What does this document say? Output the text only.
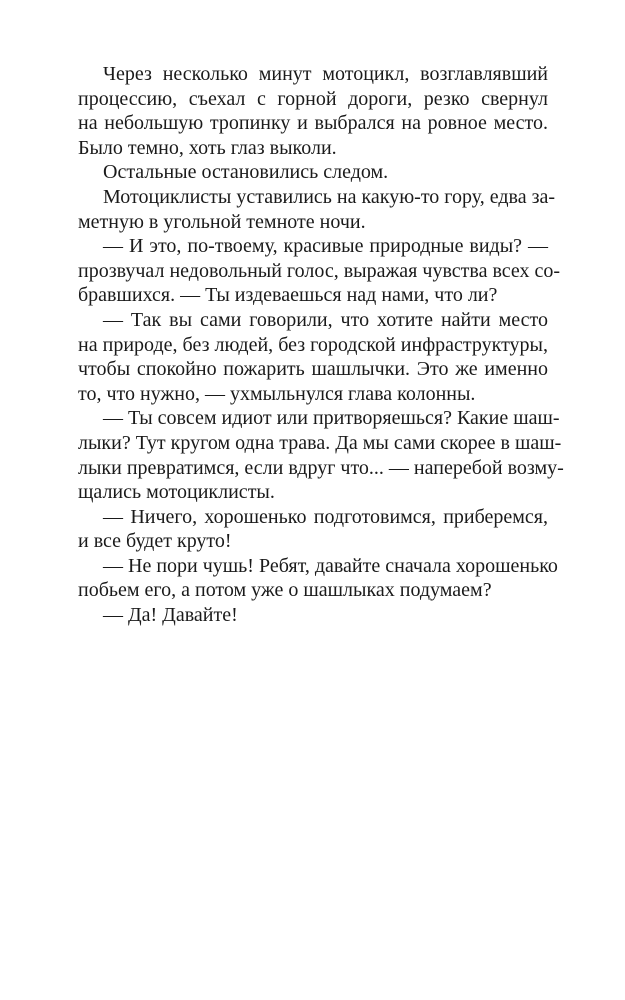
Через несколько минут мотоцикл, возглавлявший
процессию, съехал с горной дороги, резко свернул
на небольшую тропинку и выбрался на ровное место.
Было темно, хоть глаз выколи.

Остальные остановились следом.

Мотоциклисты уставились на какую-то гору, едва за-
метную в угольной темноте ночи.

— И это, по-твоему, красивые природные виды? —
прозвучал недовольный голос, выражая чувства всех со-
бравшихся. — Ты издеваешься над нами, что ли?

— Так вы сами говорили, что хотите найти место
на природе, без людей, без городской инфраструктуры,
чтобы спокойно пожарить шашлычки. Это же именно
то, что нужно, — ухмыльнулся глава колонны.

— Ты совсем идиот или притворяешься? Какие шаш-
лыки? Тут кругом одна трава. Да мы сами скорее в шаш-
лыки превратимся, если вдруг что... — наперебой возму-
щались мотоциклисты.

— Ничего, хорошенько подготовимся, приберемся,
и все будет круто!

— Не пори чушь! Ребят, давайте сначала хорошенько
побьем его, а потом уже о шашлыках подумаем?

— Да! Давайте!
